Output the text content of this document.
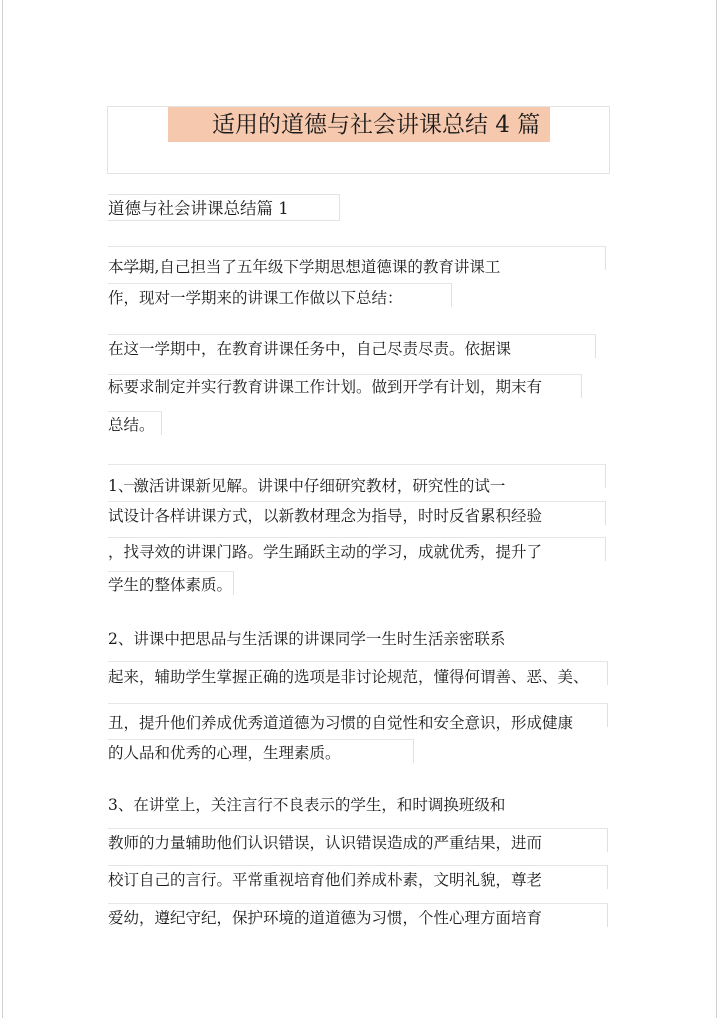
适用的道德与社会讲课总结 4 篇
道德与社会讲课总结篇 1
本学期,自己担当了五年级下学期思想道德课的教育讲课工
作，现对一学期来的讲课工作做以下总结：
在这一学期中，在教育讲课任务中，自己尽责尽责。依据课
标要求制定并实行教育讲课工作计划。做到开学有计划，期末有
总结。
1、激活讲课新见解。讲课中仔细研究教材，研究性的试一
试设计各样讲课方式，以新教材理念为指导，时时反省累积经验
，找寻效的讲课门路。学生踊跃主动的学习，成就优秀，提升了
学生的整体素质。
2、讲课中把思品与生活课的讲课同学一生时生活亲密联系
起来，辅助学生掌握正确的选项是非讨论规范，懂得何谓善、恶、美、
丑，提升他们养成优秀道道德为习惯的自觉性和安全意识，形成健康
的人品和优秀的心理，生理素质。
3、在讲堂上，关注言行不良表示的学生，和时调换班级和
教师的力量辅助他们认识错误，认识错误造成的严重结果，进而
校订自己的言行。平常重视培育他们养成朴素，文明礼貌，尊老
爱幼，遵纪守纪，保护环境的道道德为习惯，个性心理方面培育
